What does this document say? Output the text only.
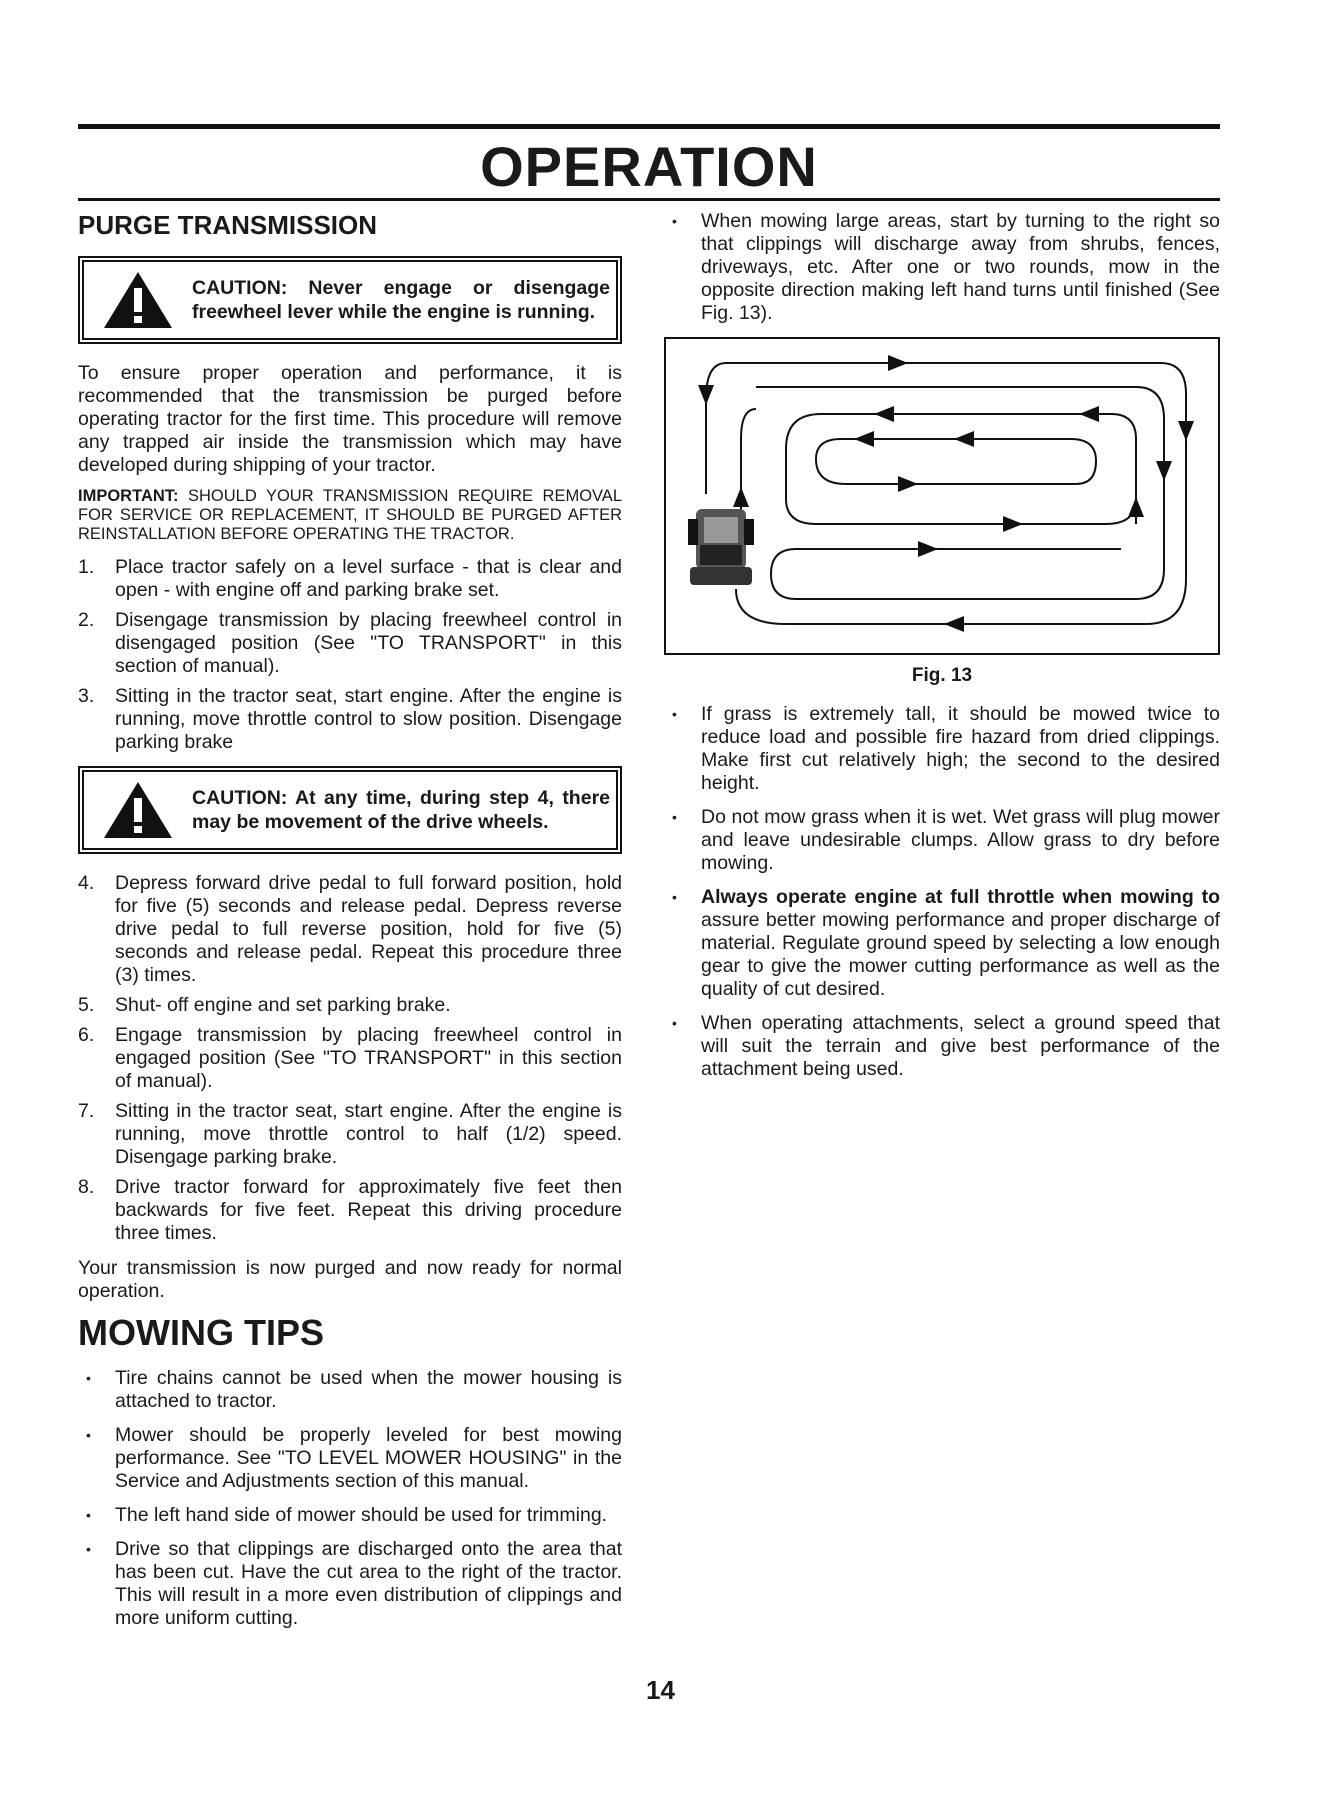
OPERATION
PURGE TRANSMISSION
CAUTION: Never engage or disengage freewheel lever while the engine is running.

To ensure proper operation and performance, it is recommended that the transmission be purged before operating tractor for the first time. This procedure will remove any trapped air inside the transmission which may have developed during shipping of your tractor.

IMPORTANT: SHOULD YOUR TRANSMISSION REQUIRE REMOVAL FOR SERVICE OR REPLACEMENT, IT SHOULD BE PURGED AFTER REINSTALLATION BEFORE OPERATING THE TRACTOR.
1. Place tractor safely on a level surface - that is clear and open - with engine off and parking brake set.
2. Disengage transmission by placing freewheel control in disengaged position (See "TO TRANSPORT" in this section of manual).
3. Sitting in the tractor seat, start engine. After the engine is running, move throttle control to slow position. Disengage parking brake
CAUTION: At any time, during step 4, there may be movement of the drive wheels.
4. Depress forward drive pedal to full forward position, hold for five (5) seconds and release pedal. Depress reverse drive pedal to full reverse position, hold for five (5) seconds and release pedal. Repeat this procedure three (3) times.
5. Shut- off engine and set parking brake.
6. Engage transmission by placing freewheel control in engaged position (See "TO TRANSPORT" in this section of manual).
7. Sitting in the tractor seat, start engine. After the engine is running, move throttle control to half (1/2) speed. Disengage parking brake.
8. Drive tractor forward for approximately five feet then backwards for five feet. Repeat this driving procedure three times.

Your transmission is now purged and now ready for normal operation.

MOWING TIPS
• Tire chains cannot be used when the mower housing is attached to tractor.
• Mower should be properly leveled for best mowing performance. See "TO LEVEL MOWER HOUSING" in the Service and Adjustments section of this manual.
• The left hand side of mower should be used for trimming.
• Drive so that clippings are discharged onto the area that has been cut. Have the cut area to the right of the tractor. This will result in a more even distribution of clippings and more uniform cutting.
• When mowing large areas, start by turning to the right so that clippings will discharge away from shrubs, fences, driveways, etc. After one or two rounds, mow in the opposite direction making left hand turns until finished (See Fig. 13).
Fig. 13
• If grass is extremely tall, it should be mowed twice to reduce load and possible fire hazard from dried clippings. Make first cut relatively high; the second to the desired height.
• Do not mow grass when it is wet. Wet grass will plug mower and leave undesirable clumps. Allow grass to dry before mowing.
• Always operate engine at full throttle when mowing to assure better mowing performance and proper discharge of material. Regulate ground speed by selecting a low enough gear to give the mower cutting performance as well as the quality of cut desired.
• When operating attachments, select a ground speed that will suit the terrain and give best performance of the attachment being used.
14
